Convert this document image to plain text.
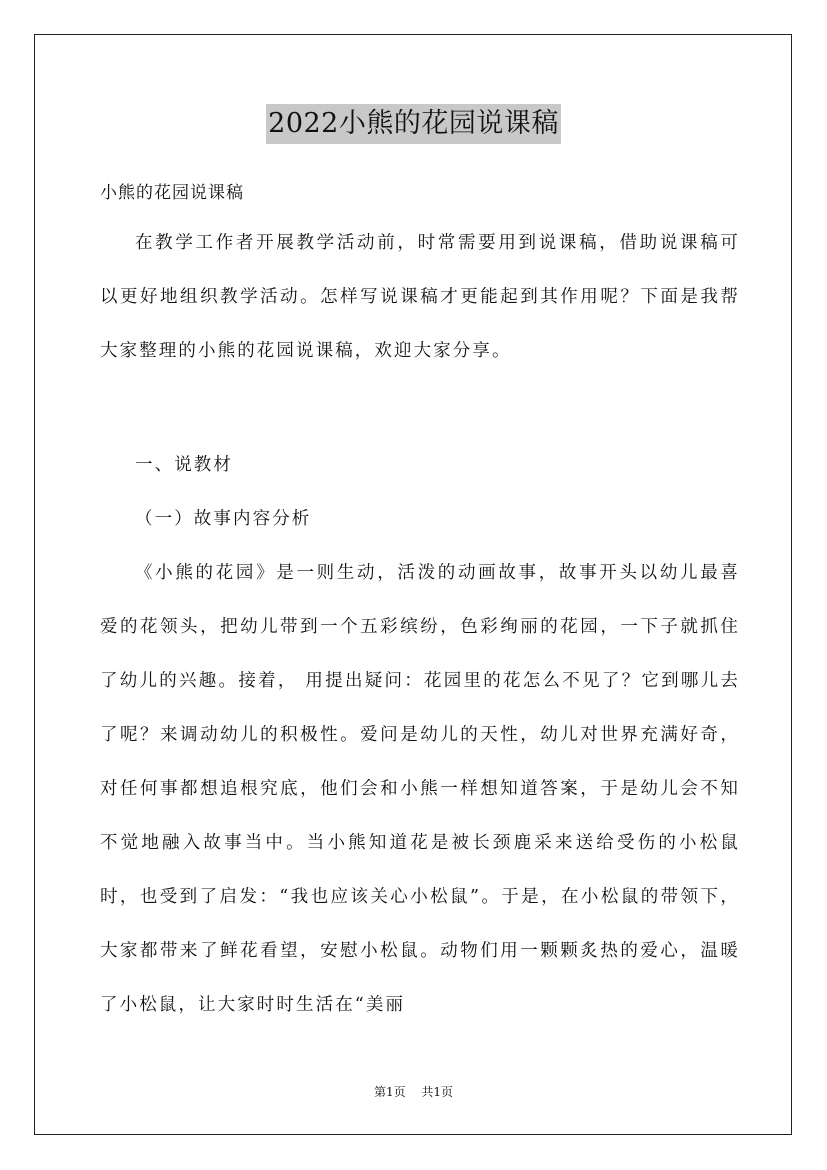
2022小熊的花园说课稿

小熊的花园说课稿

在教学工作者开展教学活动前，时常需要用到说课稿，借助说课稿可以更好地组织教学活动。怎样写说课稿才更能起到其作用呢？下面是我帮大家整理的小熊的花园说课稿，欢迎大家分享。

一、说教材

（一）故事内容分析

《小熊的花园》是一则生动，活泼的动画故事，故事开头以幼儿最喜爱的花领头，把幼儿带到一个五彩缤纷，色彩绚丽的花园，一下子就抓住了幼儿的兴趣。接着， 用提出疑问：花园里的花怎么不见了？它到哪儿去了呢？来调动幼儿的积极性。爱问是幼儿的天性，幼儿对世界充满好奇，对任何事都想追根究底，他们会和小熊一样想知道答案，于是幼儿会不知不觉地融入故事当中。当小熊知道花是被长颈鹿采来送给受伤的小松鼠时，也受到了启发：“我也应该关心小松鼠”。于是，在小松鼠的带领下，大家都带来了鲜花看望，安慰小松鼠。动物们用一颗颗炙热的爱心，温暖了小松鼠，让大家时时生活在“美丽

第1页 共1页
